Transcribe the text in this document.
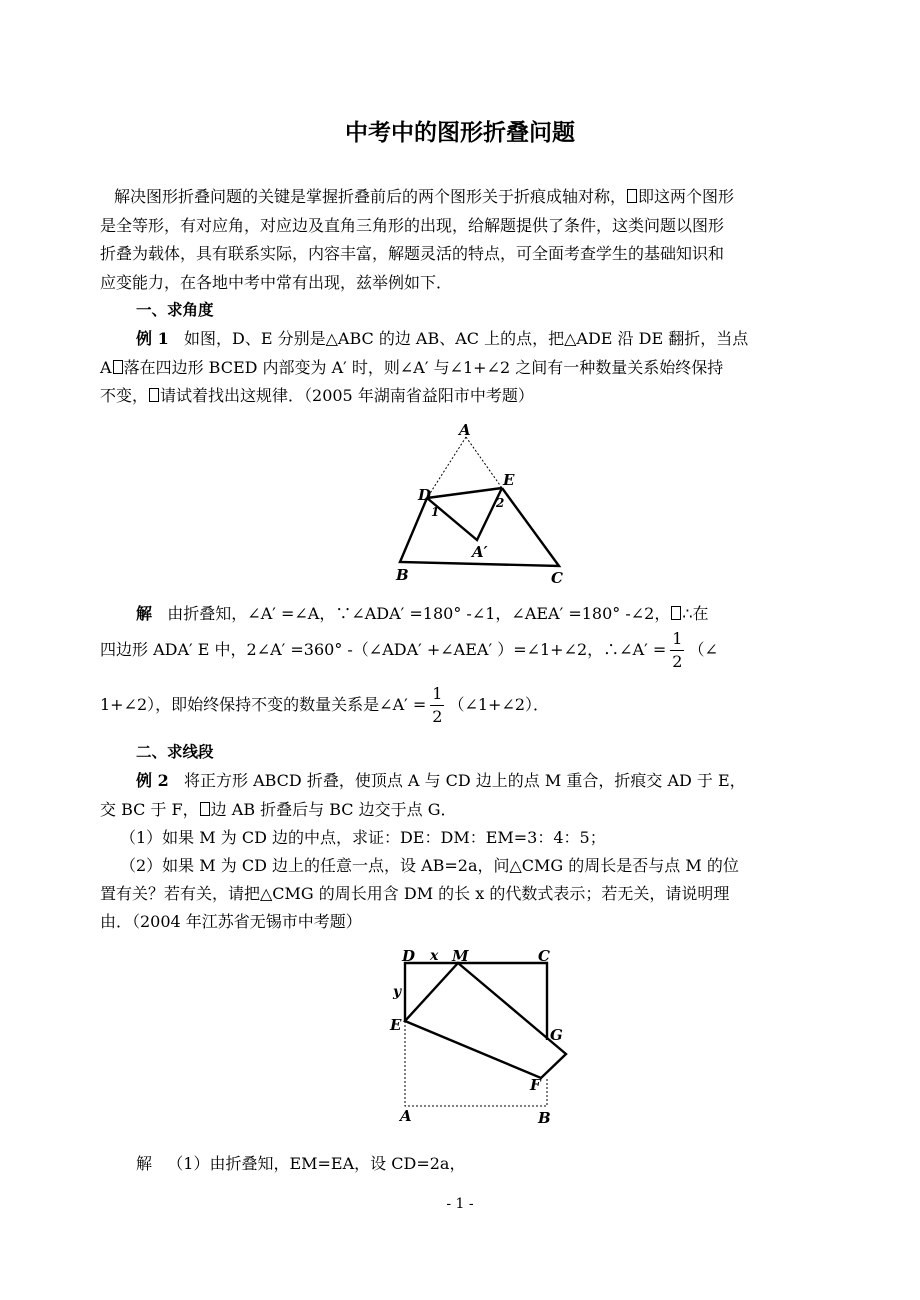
中考中的图形折叠问题
解决图形折叠问题的关键是掌握折叠前后的两个图形关于折痕成轴对称， 即这两个图形
是全等形，有对应角，对应边及直角三角形的出现，给解题提供了条件，这类问题以图形
折叠为载体，具有联系实际，内容丰富，解题灵活的特点，可全面考查学生的基础知识和
应变能力，在各地中考中常有出现，兹举例如下．
一、求角度
例 1 如图，D、E 分别是△ABC 的边 AB、AC 上的点，把△ADE 沿 DE 翻折，当点
A 落在四边形 BCED 内部变为 A′ 时，则∠A′ 与∠1+∠2 之间有一种数量关系始终保持
不变， 请试着找出这规律．（2005 年湖南省益阳市中考题）
A
D
E
1
2
A′
B	C
解 由折叠知，∠A′ =∠A，∵∠ADA′ =180° -∠1，∠AEA′ =180° -∠2， ∴在
四边形 ADA′ E 中，2∠A′ =360° -（∠ADA′ +∠AEA′ ）=∠1+∠2，∴∠A′ = $\frac{1}{2}$ （∠
1+∠2），即始终保持不变的数量关系是∠A′ = $\frac{1}{2}$ （∠1+∠2）．
二、求线段
例 2 将正方形 ABCD 折叠，使顶点 A 与 CD 边上的点 M 重合，折痕交 AD 于 E，
交 BC 于 F， 边 AB 折叠后与 BC 边交于点 G．
（1）如果 M 为 CD 边的中点，求证：DE：DM：EM=3：4：5；
（2）如果 M 为 CD 边上的任意一点，设 AB=2a，问△CMG 的周长是否与点 M 的位
置有关？若有关，请把△CMG 的周长用含 DM 的长 x 的代数式表示；若无关，请说明理
由．（2004 年江苏省无锡市中考题）
D x M	C
y
E
G
F
A	B
解 （1）由折叠知，EM=EA，设 CD=2a，
- 1 -
